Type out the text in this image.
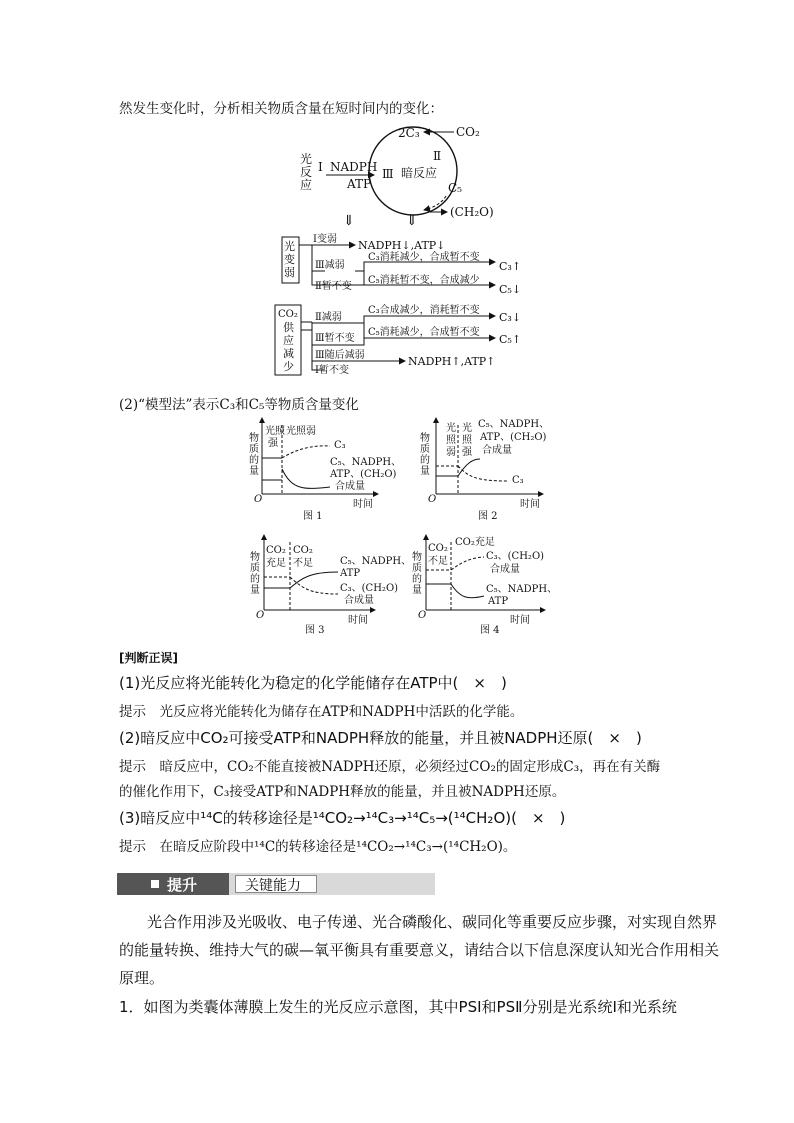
然发生变化时，分析相关物质含量在短时间内的变化：
2C₃	CO₂
Ⅱ
光
反
应
Ⅰ NADPH
ATP
Ⅲ 暗反应
C₅
(CH₂O)
⇓	⇓
光
变
弱
Ⅰ变弱 NADPH↓,ATP↓
Ⅲ减弱
Ⅱ暂不变
C₃消耗减少，合成暂不变
C₅消耗暂不变，合成减少
C₃↑
C₅↓
CO₂
供
应
减
少
Ⅱ减弱
Ⅲ暂不变
Ⅲ随后减弱
Ⅰ暂不变
C₃合成减少，消耗暂不变
C₅消耗减少，合成暂不变
C₃↓
C₅↑
NADPH↑,ATP↑
(2)“模型法”表示C₃和C₅等物质含量变化
物
质
的
量
O	时间
图 1
光照
强
光照弱
C₃
C₅、NADPH、
ATP、(CH₂O)
合成量
物
质
的
量
O	时间
图 2
光
照
弱
光
照
强
C₅、NADPH、
ATP、(CH₂O)
合成量
C₃
物
质
的
量
O	时间
图 3
CO₂
充足
CO₂
不足	C₅、NADPH、
ATP
C₃、(CH₂O)
合成量
物
质
的
量
O	时间
图 4
CO₂
不足
CO₂充足
C₃、(CH₂O)
合成量
C₅、NADPH、
ATP
[判断正误]
(1)光反应将光能转化为稳定的化学能储存在ATP中(　×　)
提示　光反应将光能转化为储存在ATP和NADPH中活跃的化学能。
(2)暗反应中CO₂可接受ATP和NADPH释放的能量，并且被NADPH还原(　×　)
提示　暗反应中，CO₂不能直接被NADPH还原，必须经过CO₂的固定形成C₃，再在有关酶
的催化作用下，C₃接受ATP和NADPH释放的能量，并且被NADPH还原。
(3)暗反应中¹⁴C的转移途径是¹⁴CO₂→¹⁴C₃→¹⁴C₅→(¹⁴CH₂O)(　×　)
提示　在暗反应阶段中¹⁴C的转移途径是¹⁴CO₂→¹⁴C₃→(¹⁴CH₂O)。
提升	关键能力
光合作用涉及光吸收、电子传递、光合磷酸化、碳同化等重要反应步骤，对实现自然界
的能量转换、维持大气的碳—氧平衡具有重要意义，请结合以下信息深度认知光合作用相关
原理。
1．如图为类囊体薄膜上发生的光反应示意图，其中PSⅠ和PSⅡ分别是光系统Ⅰ和光系统
